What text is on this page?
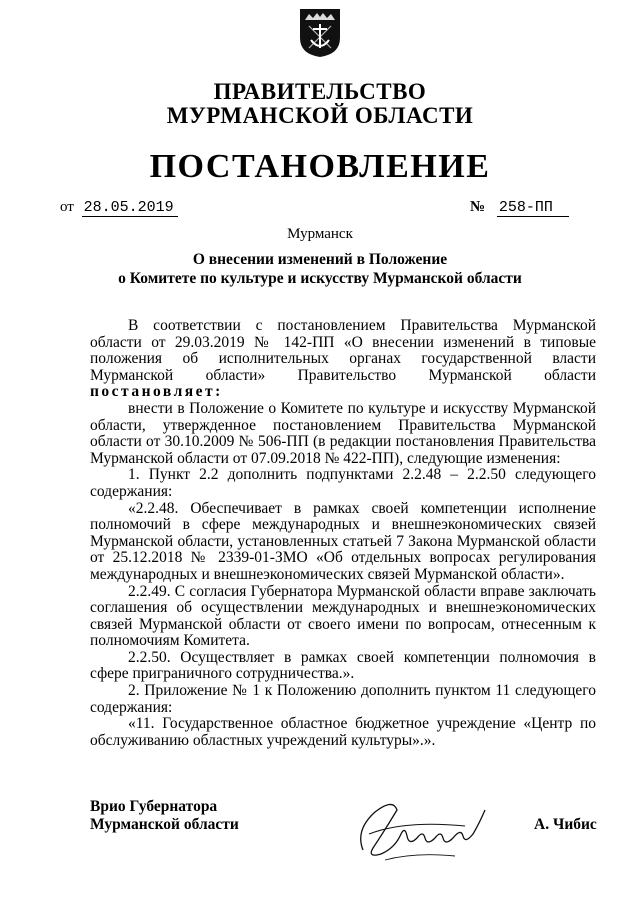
ПРАВИТЕЛЬСТВО
МУРМАНСКОЙ ОБЛАСТИ
ПОСТАНОВЛЕНИЕ
от 28.05.2019	№ 258-ПП
Мурманск
О внесении изменений в Положение
о Комитете по культуре и искусству Мурманской области

В соответствии с постановлением Правительства Мурманской области от 29.03.2019 № 142-ПП «О внесении изменений в типовые положения об исполнительных органах государственной власти Мурманской области» Правительство Мурманской области постановляет:

внести в Положение о Комитете по культуре и искусству Мурманской области, утвержденное постановлением Правительства Мурманской области от 30.10.2009 № 506-ПП (в редакции постановления Правительства Мурманской области от 07.09.2018 № 422-ПП), следующие изменения:

1. Пункт 2.2 дополнить подпунктами 2.2.48 – 2.2.50 следующего содержания:

«2.2.48. Обеспечивает в рамках своей компетенции исполнение полномочий в сфере международных и внешнеэкономических связей Мурманской области, установленных статьей 7 Закона Мурманской области от 25.12.2018 № 2339-01-ЗМО «Об отдельных вопросах регулирования международных и внешнеэкономических связей Мурманской области».

2.2.49. С согласия Губернатора Мурманской области вправе заключать соглашения об осуществлении международных и внешнеэкономических связей Мурманской области от своего имени по вопросам, отнесенным к полномочиям Комитета.

2.2.50. Осуществляет в рамках своей компетенции полномочия в сфере приграничного сотрудничества.».

2. Приложение № 1 к Положению дополнить пунктом 11 следующего содержания:

«11. Государственное областное бюджетное учреждение «Центр по обслуживанию областных учреждений культуры».».

Врио Губернатора
Мурманской области	А. Чибис
